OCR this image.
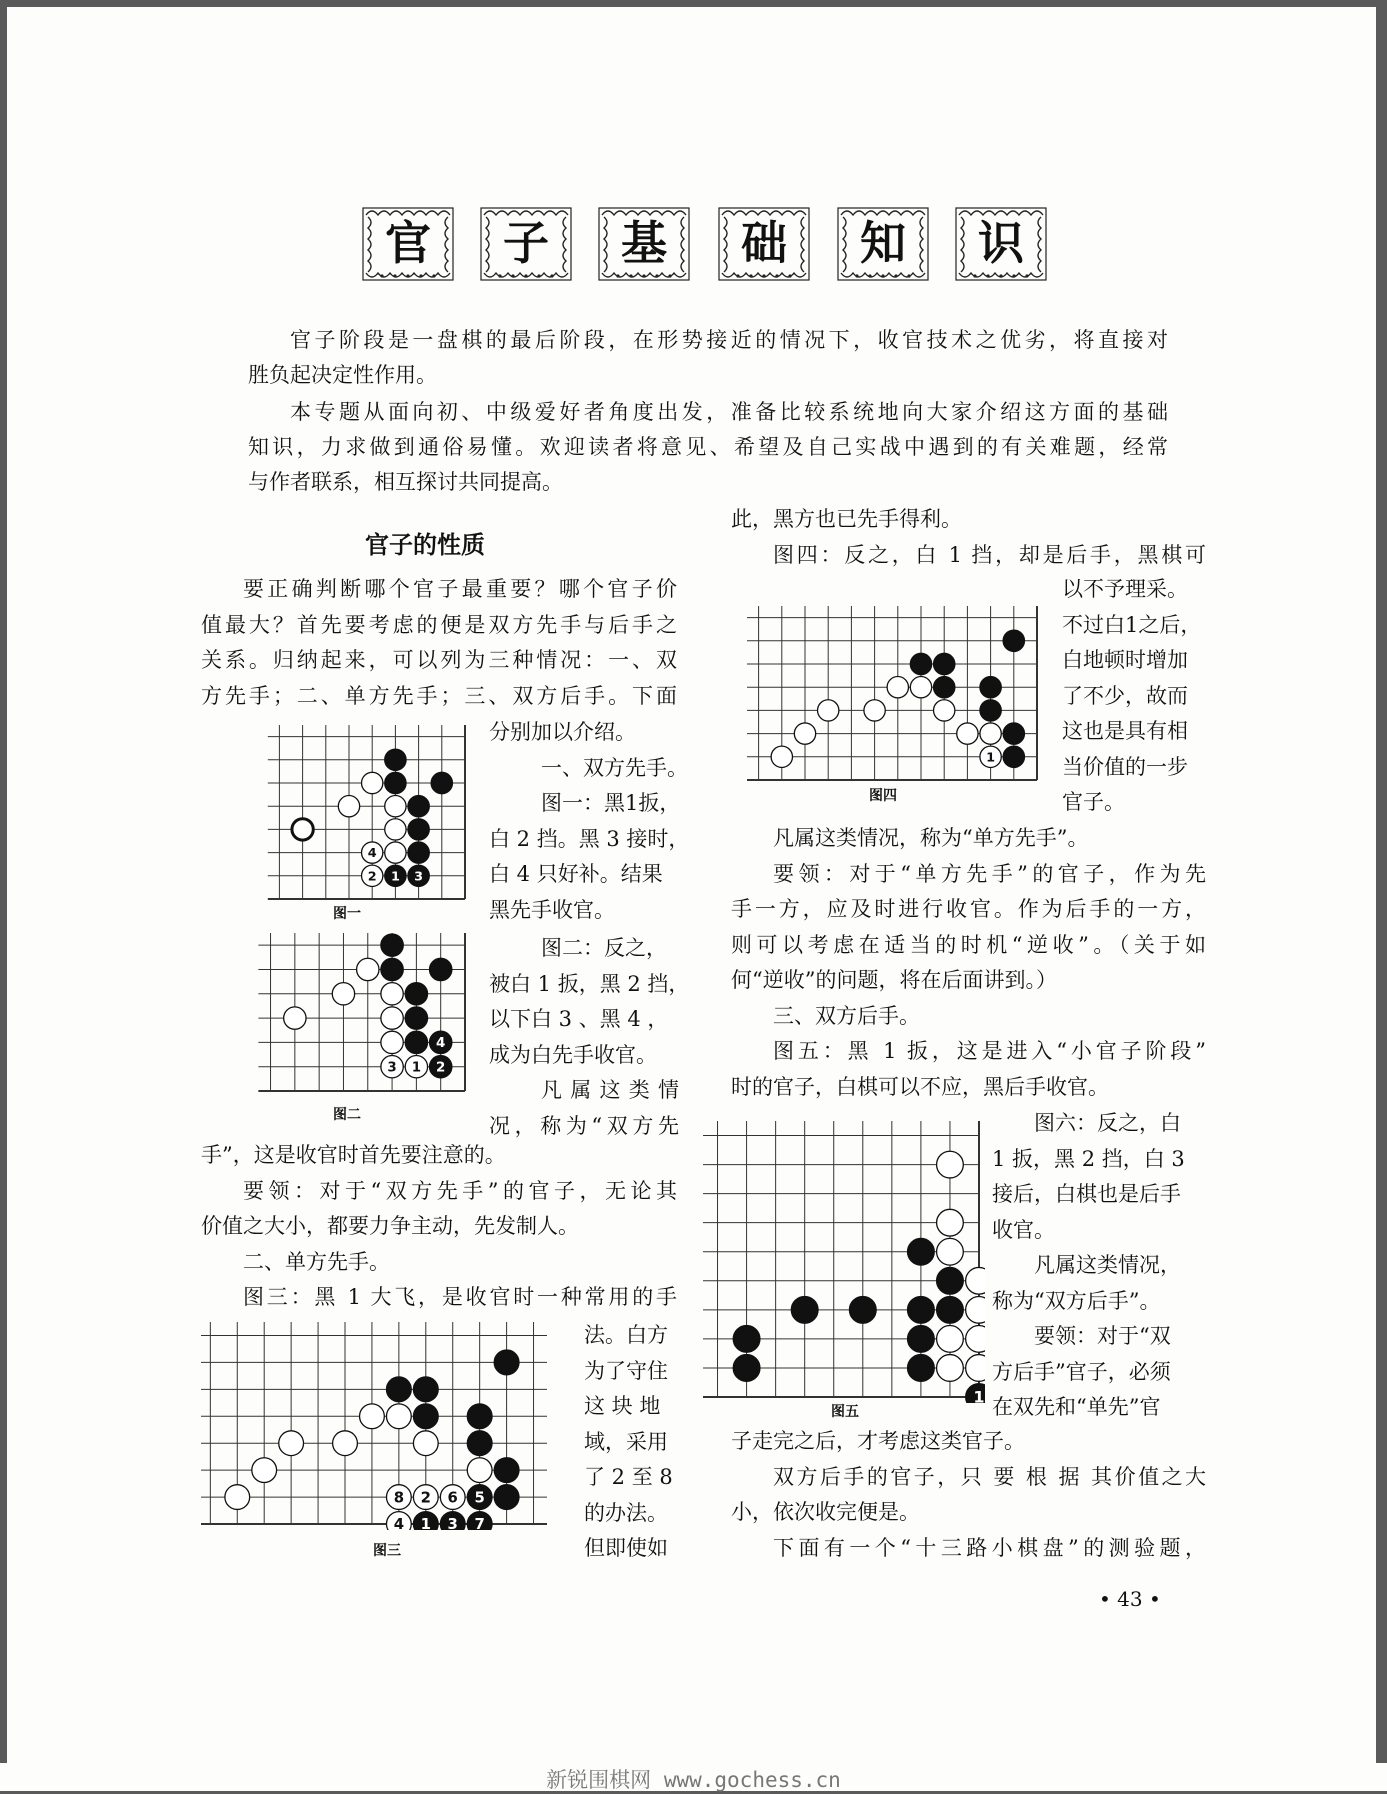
官	子	基	础	知	识
官子阶段是一盘棋的最后阶段，在形势接近的情况下，收官技术之优劣，将直接对
胜负起决定性作用。
本专题从面向初、中级爱好者角度出发，准备比较系统地向大家介绍这方面的基础
知识，力求做到通俗易懂。欢迎读者将意见、希望及自己实战中遇到的有关难题，经常
与作者联系，相互探讨共同提高。
官子的性质
要正确判断哪个官子最重要？哪个官子价
值最大？首先要考虑的便是双方先手与后手之
关系。归纳起来，可以列为三种情况：一、双
方先手；二、单方先手；三、双方后手。下面
4
2 1 3
图一
分别加以介绍。
一、双方先手。
图一：黑1扳，
白 2 挡。黑 3 接时，
白 4 只好补。结果
黑先手收官。
4
3 1 2
图二
图二：反之，
被白 1 扳，黑 2 挡，
以下白 3 、黑 4 ，
成为白先手收官。
凡 属 这 类 情
况，称为“双方先
手”，这是收官时首先要注意的。
要领：对于“双方先手”的官子，无论其
价值之大小，都要力争主动，先发制人。
二、单方先手。
图三：黑 1 大飞，是收官时一种常用的手
8 2 6 5
4 1 3 7
图三
法。白方
为了守住
这 块 地
域，采用
了 2 至 8
的办法。
但即使如
此，黑方也已先手得利。
图四：反之，白 1 挡，却是后手，黑棋可
1
图四
以不予理采。
不过白1之后，
白地顿时增加
了不少，故而
这也是具有相
当价值的一步
官子。
凡属这类情况，称为“单方先手”。
要领：对于“单方先手”的官子，作为先
手一方，应及时进行收官。作为后手的一方，
则可以考虑在适当的时机“逆收”。（关于如
何“逆收”的问题，将在后面讲到。）
三、双方后手。
图五：黑 1 扳，这是进入“小官子阶段”
时的官子，白棋可以不应，黑后手收官。
1
图五
图六：反之，白
1 扳，黑 2 挡，白 3
接后，白棋也是后手
收官。
凡属这类情况，
称为“双方后手”。
要领：对于“双
方后手”官子，必须
在双先和“单先”官
子走完之后，才考虑这类官子。
双方后手的官子，只 要 根 据 其价值之大
小，依次收完便是。
下面有一个“十三路小棋盘”的测验题，
• 43 •
新锐围棋网 www.gochess.cn
